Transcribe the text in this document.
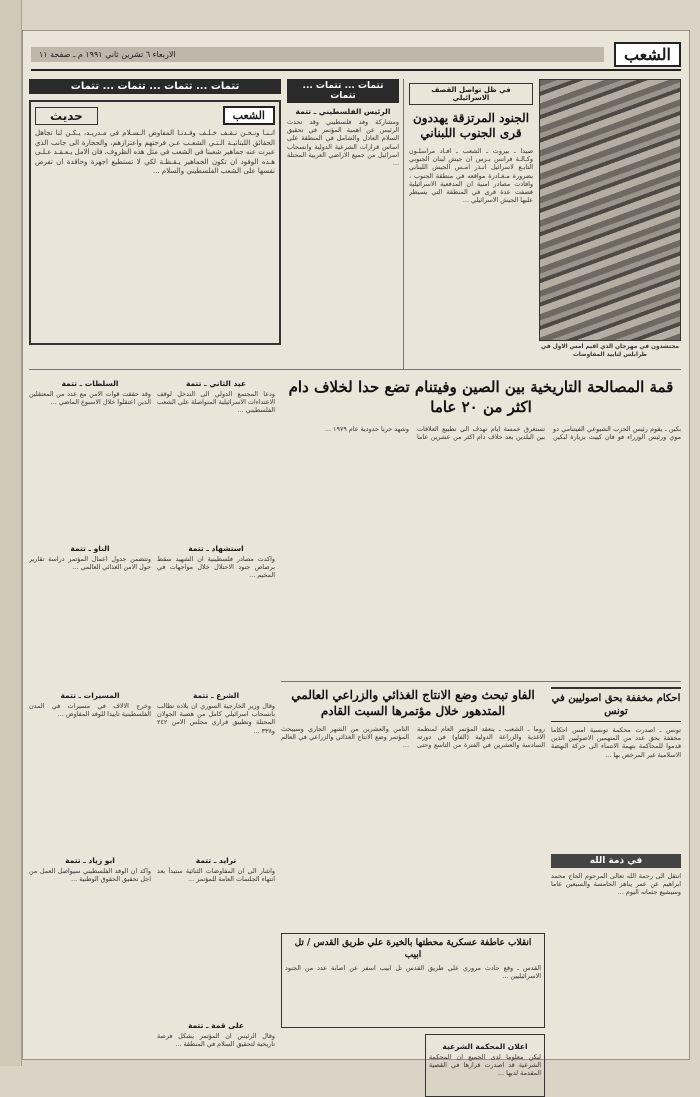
الشعب
الاربعاء ٦ تشرين ثاني ١٩٩١ م ـ صفحة ١١
محتشدون في مهرجان الذي اقيم امس الاول في طرابلس لتاييد المفاوضات
في ظل تواصل القصف الاسرائيلي
الجنود المرتزقة يهددون قرى الجنوب اللبناني
صيدا ـ بيروت ـ الشعب ـ افـاد مراسلـون وكـالـة فرانس بـرس ان جيش لبنان الجنوبي التابـع لاسرائيل انـذر امـس الجيش اللبناني بضرورة مـغـادرة مواقعه في منطقة الجنوب ، وافادت مصادر امنية ان المدفعية الاسرائيلية قصفت عدة قرى في المنطقة التي يسيطر عليها الجيش الاسرائيلي ...
تتمات ... تتمات ... تتمات
الرئيس الفلسطيني ـ تتمة
ومشاركة وفد فلسطيني وقد تحدث الرئيس عن اهمية المؤتمر في تحقيق السلام العادل والشامل في المنطقة على اساس قرارات الشرعية الدولية وانسحاب اسرائيل من جميع الاراضي العربية المحتلة ...
تتمات ... تتمات ... تتمات ... تتمات
الشعب
حديث
انـنـا ونـحـن نـقـف خـلـف وفـدنـا المفاوض الـسـلام في مـدريـد، يـكـن لنا تجاهل الحقائق اللبنانيـة الـتـي الشعـب عـن فرحتهم واعتزازهم، والحجارة الى جانب الذي عبرت عنه جماهير شعبنا في الشعب في مثل هذه الظروف، فان الامل يـعـقـد عـلـى هـذه الوفود ان تكون الجماهير يـقـظـة لكي لا تستطيع اجهزة وحاقدة ان تفرض نفسها على الشعب الفلسطيني والسلام ...
قمة المصالحة التاريخية بين الصين وفيتنام تضع حدا لخلاف دام اكثر من ٢٠ عاما
بكين ـ يقوم رئيس الحزب الشيوعي الفيتنامي دو موي ورئيس الوزراء فو فان كييت بزيارة لبكين تستغرق خمسة ايام تهدف الى تطبيع العلاقات بين البلدين بعد خلاف دام اكثر من عشرين عاما وشهد حربا حدودية عام ١٩٧٩ ...
عيد الثاني ـ تتمة
ودعا المجتمع الدولي الى التدخل لوقف الاعتداءات الاسرائيلية المتواصلة على الشعب الفلسطيني ...
استشهاد ـ تتمة
واكدت مصادر فلسطينية ان الشهيد سقط برصاص جنود الاحتلال خلال مواجهات في المخيم ...
السلطات ـ تتمة
وقد حققت قوات الامن مع عدد من المعتقلين الذين اعتقلوا خلال الاسبوع الماضي ...
الناو ـ تتمة
وتتضمن جدول اعمال المؤتمر دراسة تقارير حول الامن الغذائي العالمي ...
احكام مخففة بحق اصوليين في تونس
تونس ـ اصدرت محكمة تونسية امس احكاما مخففة بحق عدد من المتهمين الاصوليين الذين قدموا للمحاكمة بتهمة الانتماء الى حركة النهضة الاسلامية غير المرخص بها ...
في ذمة الله
انتقل الى رحمة الله تعالى المرحوم الحاج محمد ابراهيم عن عمر يناهز الخامسة والسبعين عاما وسيشيع جثمانه اليوم ...
الفاو تبحث وضع الانتاج الغذائي والزراعي العالمي المتدهور خلال مؤتمرها السبت القادم
روما ـ الشعب ـ ينعقد المؤتمر العام لمنظمة الاغذية والزراعة الدولية (الفاو) في دورته السادسة والعشرين في الفترة من التاسع وحتى الثامن والعشرين من الشهر الجاري وسيبحث المؤتمر وضع الانتاج الغذائي والزراعي في العالم ...
انقلاب عاطفة عسكرية محطتها بالخيرة علي طريق القدس / تل ابيب
القدس ـ وقع حادث مروري على طريق القدس تل ابيب اسفر عن اصابة عدد من الجنود الاسرائيليين ...
اعلان المحكمة الشرعية
ليكن معلوما لدى الجميع ان المحكمة الشرعية قد اصدرت قرارها في القضية المقدمة لديها ...
الشرع ـ تتمة
وقال وزير الخارجية السوري ان بلاده تطالب بانسحاب اسرائيلي كامل من هضبة الجولان المحتلة وتطبيق قراري مجلس الامن ٢٤٢ و٣٣٨ ...
ترايد ـ تتمة
واشار الى ان المفاوضات الثنائية ستبدأ بعد انتهاء الجلسات العامة للمؤتمر ...
على قمة ـ تتمة
وقال الرئيس ان المؤتمر يشكل فرصة تاريخية لتحقيق السلام في المنطقة ...
المسيرات ـ تتمة
وخرج الالاف في مسيرات في المدن الفلسطينية تاييدا للوفد المفاوض ...
ابو زياد ـ تتمة
واكد ان الوفد الفلسطيني سيواصل العمل من اجل تحقيق الحقوق الوطنية ...
